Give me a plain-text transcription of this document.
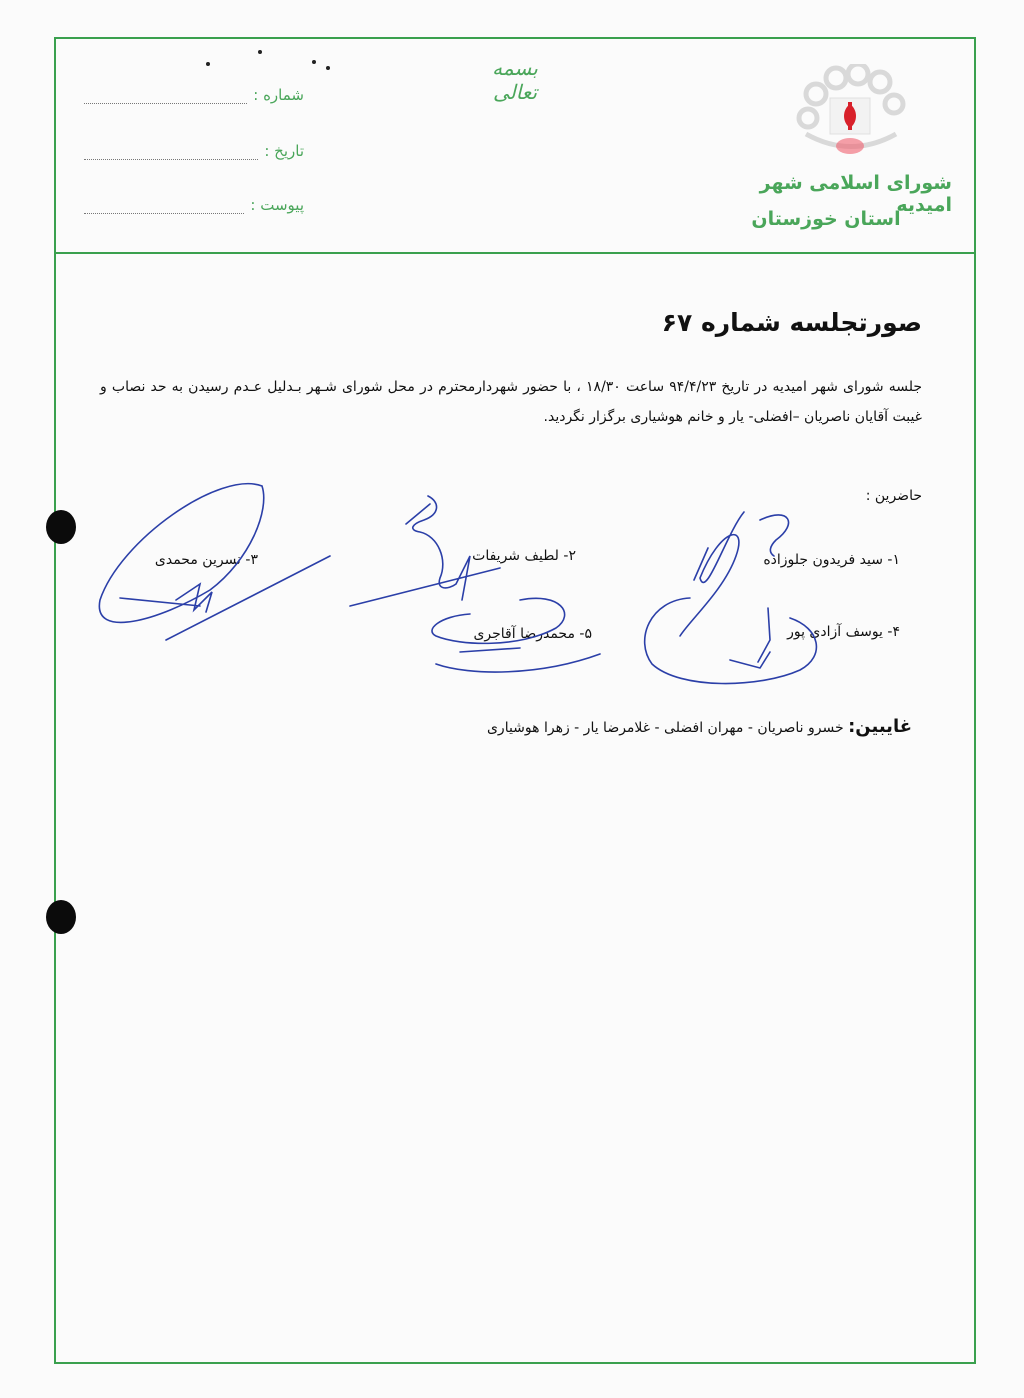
بسمه تعالی
شماره :
تاریخ :
پیوست :
شورای اسلامی شهر امیدیه
استان خوزستان
صورتجلسه شماره ۶۷
جلسه شورای شهر امیدیه در تاریخ ۹۴/۴/۲۳ ساعت ۱۸/۳۰ ، با حضور شهردارمحترم در محل شورای شـهر بـدلیل عـدم رسیدن به حد نصاب و غیبت آقایان ناصریان –افضلی- یار و خانم هوشیاری برگزار نگردید.
حاضرین :
۱- سید فریدون جلوزاده
۲- لطیف شریفات
۳- نسرین محمدی
۴- یوسف آزادی پور
۵- محمدرضا آقاجری
غایبین: خسرو ناصریان - مهران افضلی - غلامرضا یار - زهرا هوشیاری
